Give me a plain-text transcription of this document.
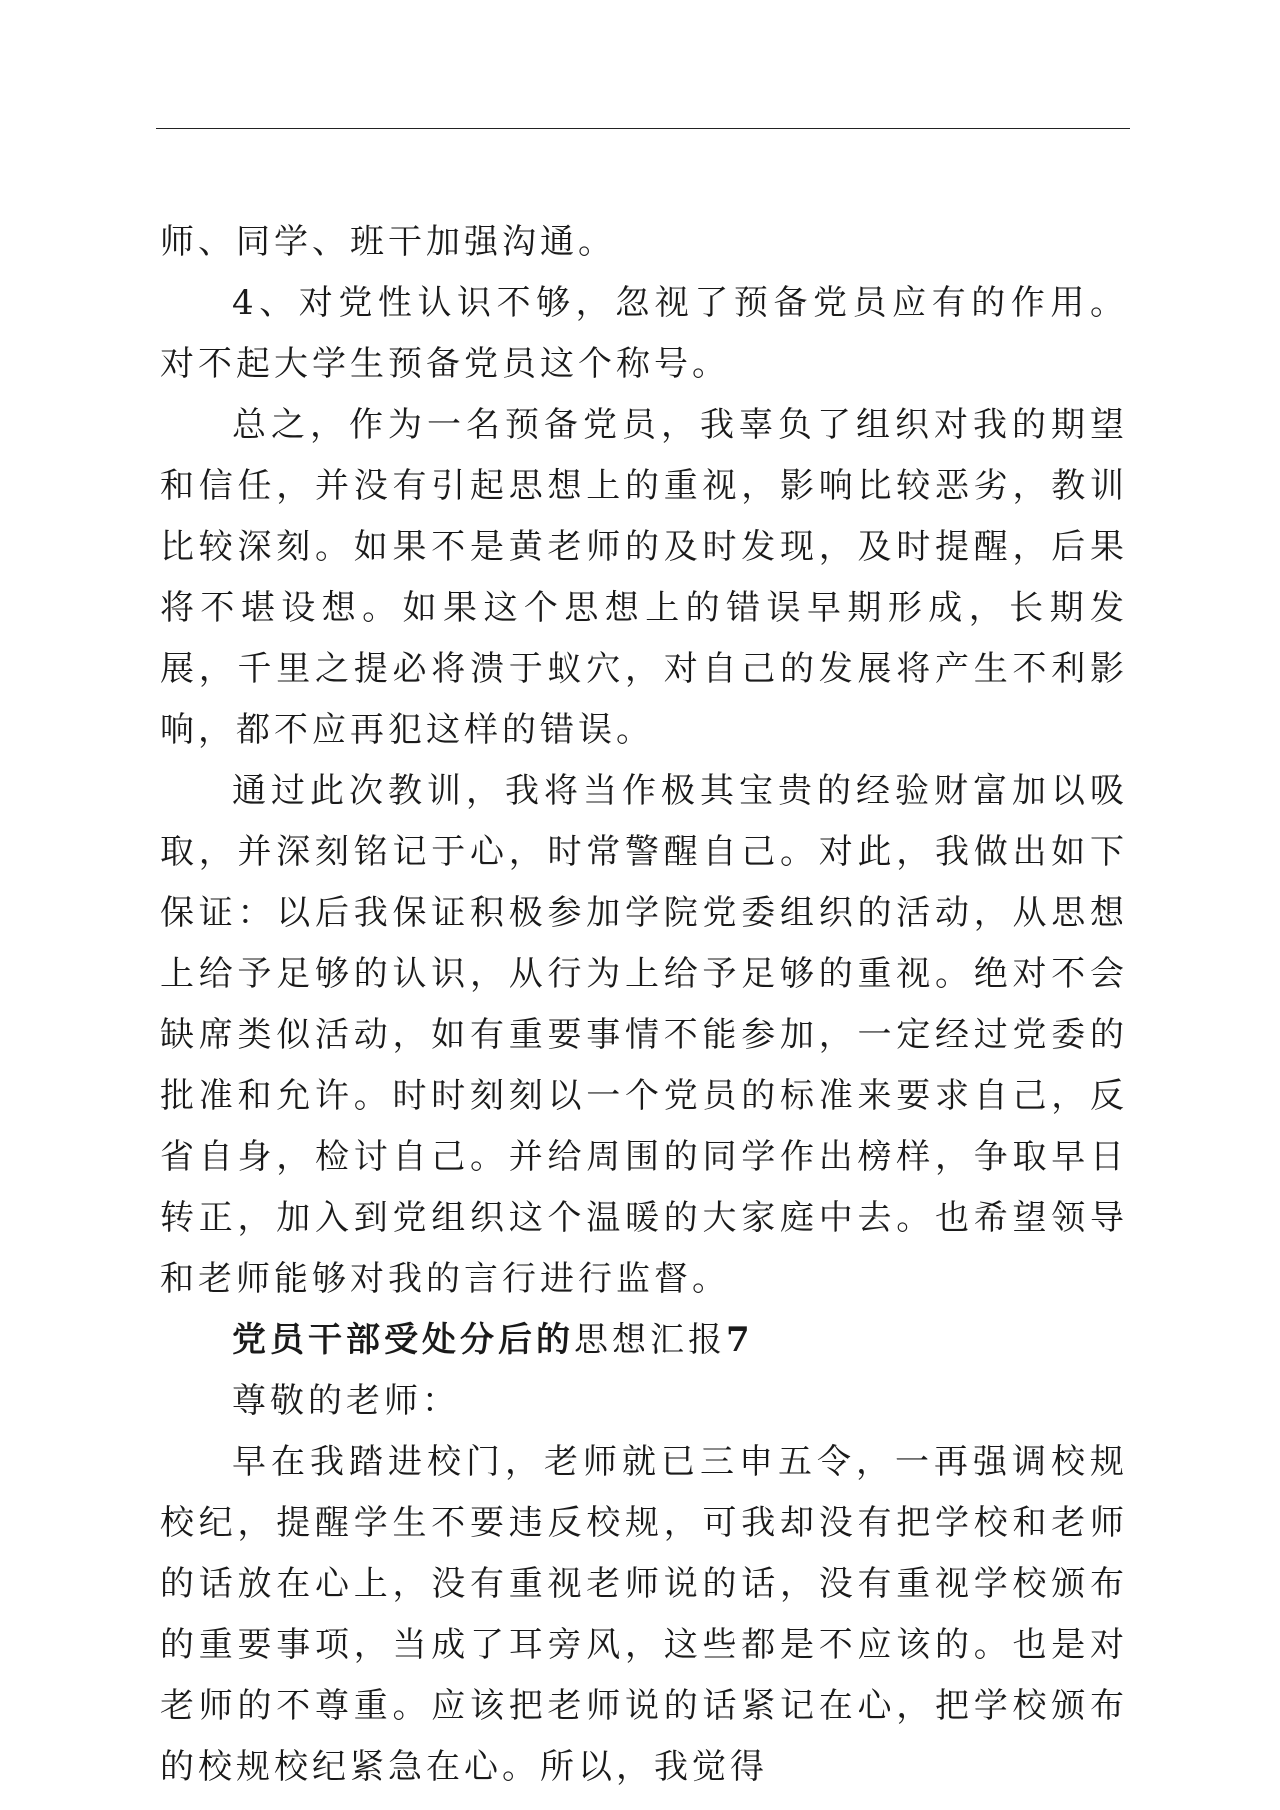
师、同学、班干加强沟通。

4、对党性认识不够，忽视了预备党员应有的作用。对不起大学生预备党员这个称号。

总之，作为一名预备党员，我辜负了组织对我的期望和信任，并没有引起思想上的重视，影响比较恶劣，教训比较深刻。如果不是黄老师的及时发现，及时提醒，后果将不堪设想。如果这个思想上的错误早期形成，长期发展，千里之提必将溃于蚁穴，对自己的发展将产生不利影响，都不应再犯这样的错误。

通过此次教训，我将当作极其宝贵的经验财富加以吸取，并深刻铭记于心，时常警醒自己。对此，我做出如下保证：以后我保证积极参加学院党委组织的活动，从思想上给予足够的认识，从行为上给予足够的重视。绝对不会缺席类似活动，如有重要事情不能参加，一定经过党委的批准和允许。时时刻刻以一个党员的标准来要求自己，反省自身，检讨自己。并给周围的同学作出榜样，争取早日转正，加入到党组织这个温暖的大家庭中去。也希望领导和老师能够对我的言行进行监督。

党员干部受处分后的思想汇报7

尊敬的老师：

早在我踏进校门，老师就已三申五令，一再强调校规校纪，提醒学生不要违反校规，可我却没有把学校和老师的话放在心上，没有重视老师说的话，没有重视学校颁布的重要事项，当成了耳旁风，这些都是不应该的。也是对老师的不尊重。应该把老师说的话紧记在心，把学校颁布的校规校纪紧急在心。所以，我觉得
